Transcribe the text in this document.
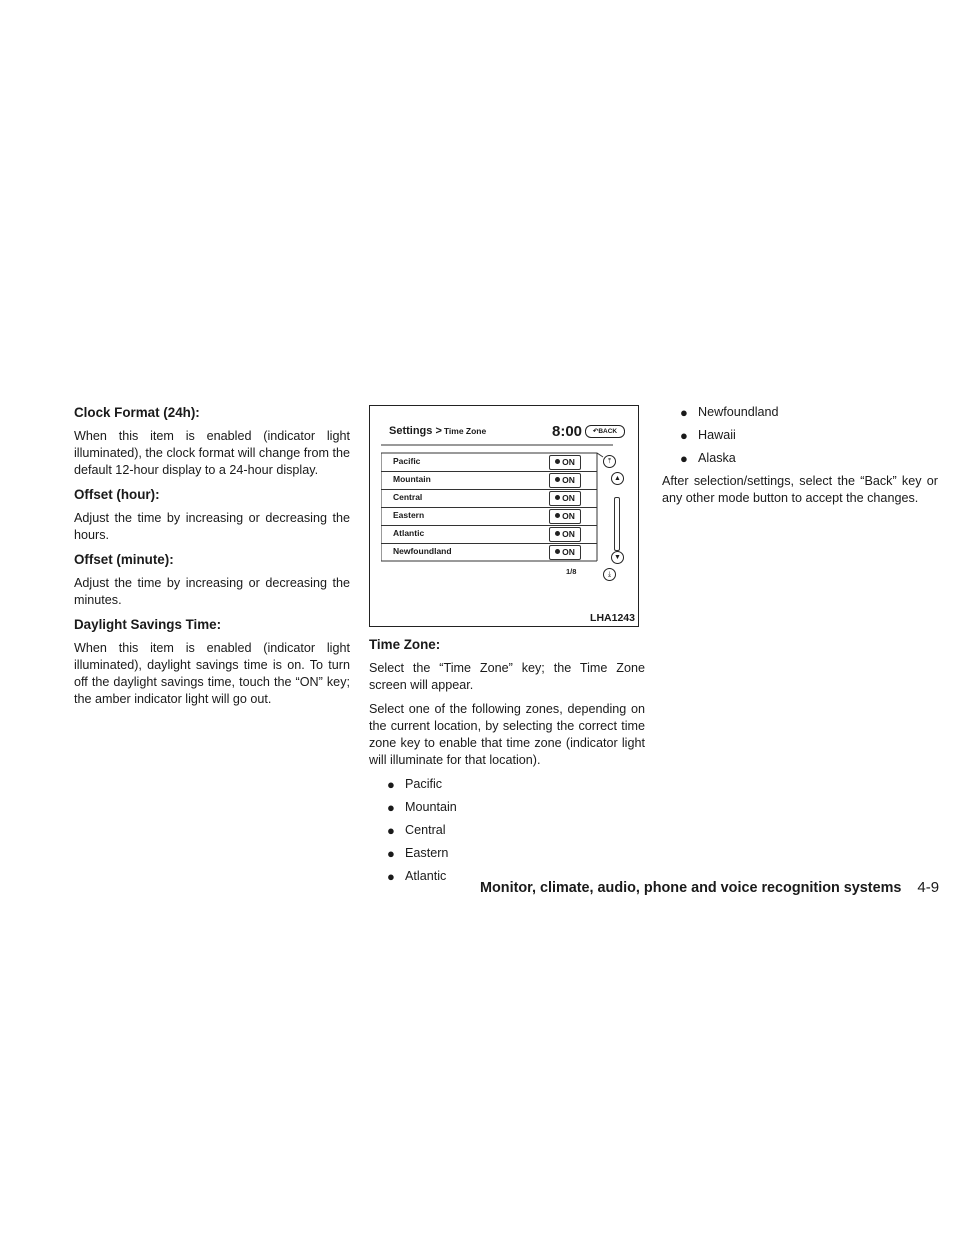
Clock Format (24h):

When this item is enabled (indicator light illuminated), the clock format will change from the default 12-hour display to a 24-hour display.

Offset (hour):

Adjust the time by increasing or decreasing the hours.

Offset (minute):

Adjust the time by increasing or decreasing the minutes.

Daylight Savings Time:

When this item is enabled (indicator light illuminated), daylight savings time is on. To turn off the daylight savings time, touch the “ON” key; the amber indicator light will go out.

Settings > Time Zone	8:00	↶BACK
Pacific	ON
Mountain	ON
Central	ON
Eastern	ON
Atlantic	ON
Newfoundland	ON
⤒
▲
▼
⤓
1/8
LHA1243
Time Zone:

Select the “Time Zone” key; the Time Zone screen will appear.

Select one of the following zones, depending on the current location, by selecting the correct time zone key to enable that time zone (indicator light will illuminate for that location).

● Pacific
● Mountain
● Central
● Eastern
● Atlantic
● Newfoundland
● Hawaii
● Alaska

After selection/settings, select the “Back” key or any other mode button to accept the changes.

Monitor, climate, audio, phone and voice recognition systems 4-9
